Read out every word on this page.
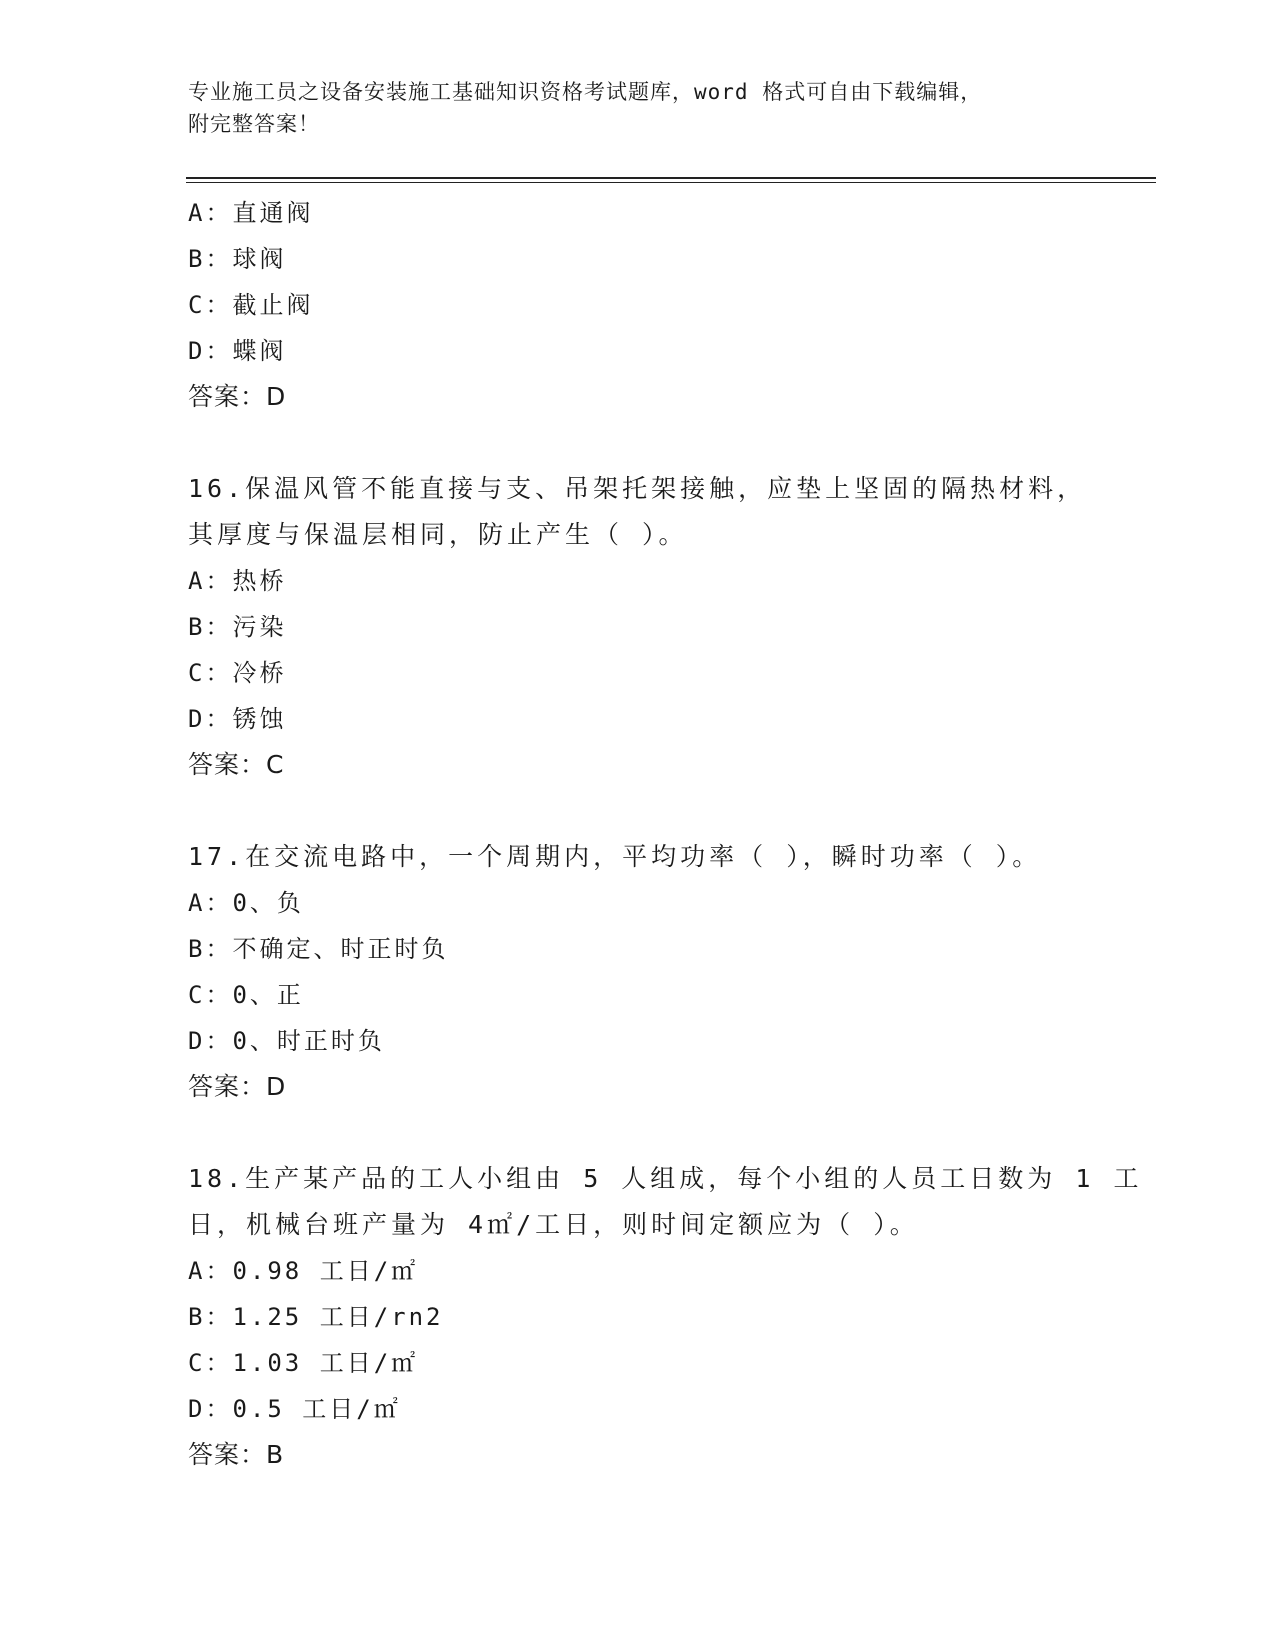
专业施工员之设备安装施工基础知识资格考试题库，word 格式可自由下载编辑，
附完整答案！
A：直通阀
B：球阀
C：截止阀
D：蝶阀
答案：D
16.保温风管不能直接与支、吊架托架接触，应垫上坚固的隔热材料，
其厚度与保温层相同，防止产生（ ）。
A：热桥
B：污染
C：冷桥
D：锈蚀
答案：C
17.在交流电路中，一个周期内，平均功率（ ），瞬时功率（ ）。
A：0、负
B：不确定、时正时负
C：0、正
D：0、时正时负
答案：D
18.生产某产品的工人小组由 5 人组成，每个小组的人员工日数为 1 工
日，机械台班产量为 4㎡/工日，则时间定额应为（ ）。
A：0.98 工日/㎡
B：1.25 工日/rn2
C：1.03 工日/㎡
D：0.5 工日/㎡
答案：B
